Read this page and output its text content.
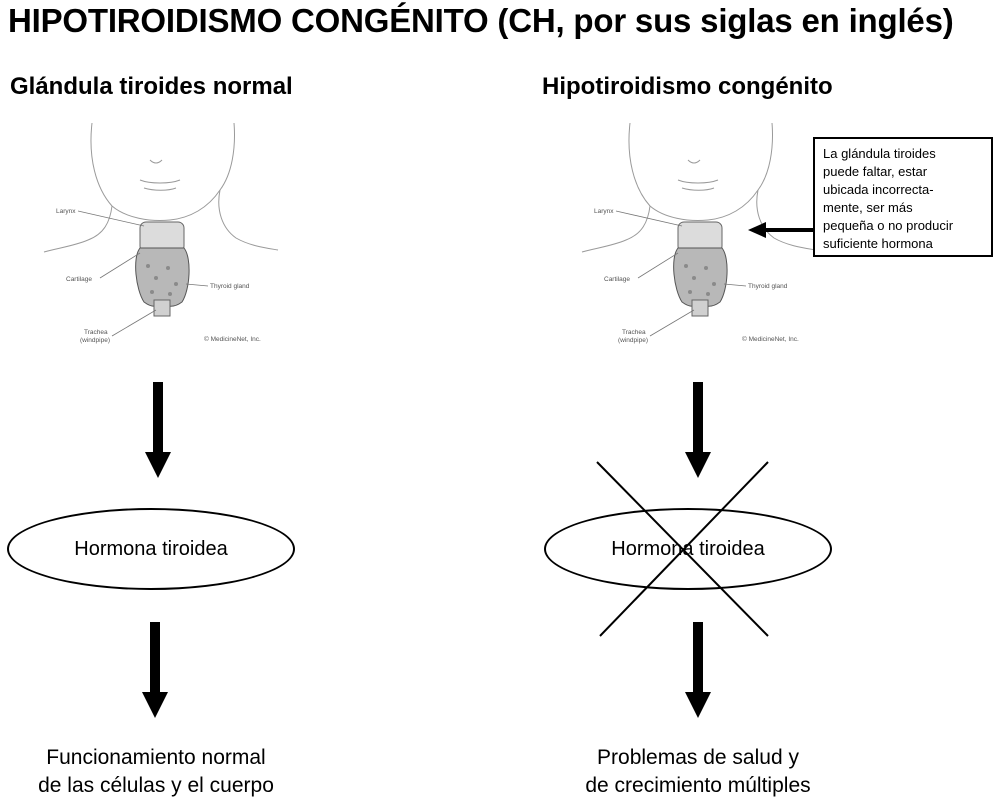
HIPOTIROIDISMO CONGÉNITO (CH, por sus siglas en inglés)
Glándula tiroides normal	Hipotiroidismo congénito
Larynx
Cartilage
Thyroid gland
Trachea
(windpipe)	© MedicineNet, Inc.
Larynx
Cartilage
Thyroid gland
Trachea
(windpipe)	© MedicineNet, Inc.
La glándula tiroides
puede faltar, estar
ubicada incorrecta-
mente, ser más
pequeña o no producir
suficiente hormona
Hormona tiroidea	Hormona tiroidea
Funcionamiento normal
de las células y el cuerpo
Problemas de salud y
de crecimiento múltiples
